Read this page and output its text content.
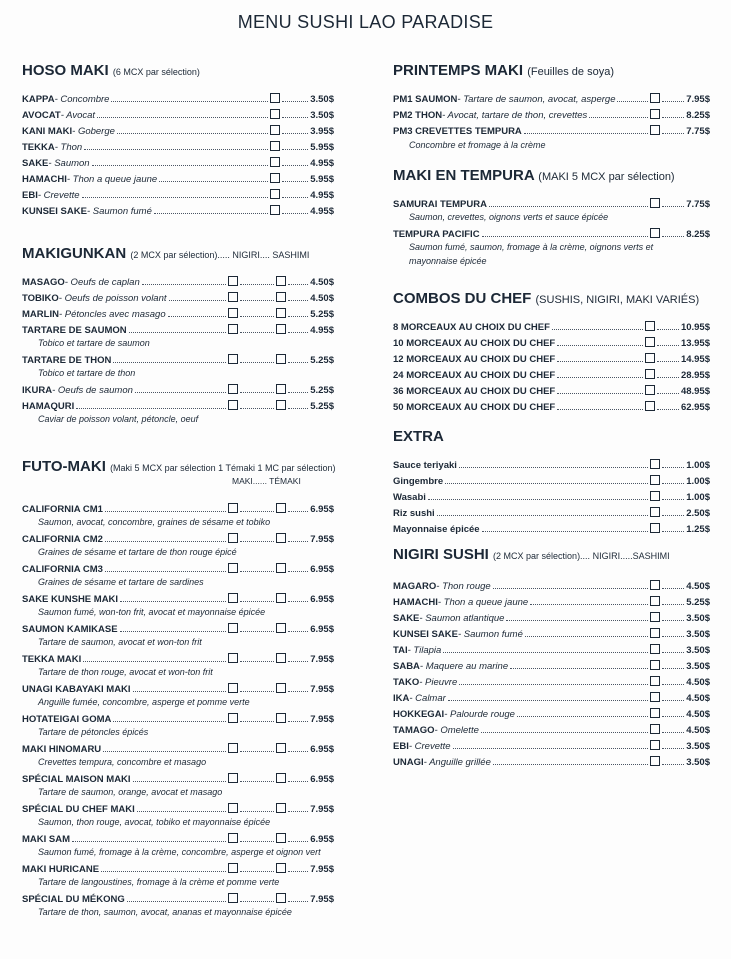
MENU SUSHI LAO PARADISE
HOSO MAKI (6 MCX par sélection)
KAPPA - Concombre	3.50$
AVOCAT - Avocat	3.50$
KANI MAKI - Goberge	3.95$
TEKKA - Thon	5.95$
SAKE - Saumon	4.95$
HAMACHI - Thon a queue jaune	5.95$
EBI - Crevette	4.95$
KUNSEI SAKE - Saumon fumé	4.95$
MAKIGUNKAN (2 MCX par sélection)..... NIGIRI.... SASHIMI
MASAGO - Oeufs de caplan	4.50$
TOBIKO - Oeufs de poisson volant	4.50$
MARLIN - Pétoncles avec masago	5.25$
TARTARE DE SAUMON	4.95$
Tobico et tartare de saumon
TARTARE DE THON	5.25$
Tobico et tartare de thon
IKURA - Oeufs de saumon	5.25$
HAMAQURI	5.25$
Caviar de poisson volant, pétoncle, oeuf
FUTO-MAKI (Maki 5 MCX par sélection 1 Témaki 1 MC par sélection)
MAKI...... TÉMAKI
CALIFORNIA CM1	6.95$
Saumon, avocat, concombre, graines de sésame et tobiko
CALIFORNIA CM2	7.95$
Graines de sésame et tartare de thon rouge épicé
CALIFORNIA CM3	6.95$
Graines de sésame et tartare de sardines
SAKE KUNSHE MAKI	6.95$
Saumon fumé, won-ton frit, avocat et mayonnaise épicée
SAUMON KAMIKASE	6.95$
Tartare de saumon, avocat et won-ton frit
TEKKA MAKI	7.95$
Tartare de thon rouge, avocat et won-ton frit
UNAGI KABAYAKI MAKI	7.95$
Anguille fumée, concombre, asperge et pomme verte
HOTATEIGAI GOMA	7.95$
Tartare de pétoncles épicés
MAKI HINOMARU	6.95$
Crevettes tempura, concombre et masago
SPÉCIAL MAISON MAKI	6.95$
Tartare de saumon, orange, avocat et masago
SPÉCIAL DU CHEF MAKI	7.95$
Saumon, thon rouge, avocat, tobiko et mayonnaise épicée
MAKI SAM	6.95$
Saumon fumé, fromage à la crème, concombre, asperge et oignon vert
MAKI HURICANE	7.95$
Tartare de langoustines, fromage à la crème et pomme verte
SPÉCIAL DU MÉKONG	7.95$
Tartare de thon, saumon, avocat, ananas et mayonnaise épicée
PRINTEMPS MAKI (Feuilles de soya)
PM1 SAUMON - Tartare de saumon, avocat, asperge	7.95$
PM2 THON - Avocat, tartare de thon, crevettes	8.25$
PM3 CREVETTES TEMPURA	7.75$
Concombre et fromage à la crème
MAKI EN TEMPURA (MAKI 5 MCX par sélection)
SAMURAI TEMPURA	7.75$
Saumon, crevettes, oignons verts et sauce épicée
TEMPURA PACIFIC	8.25$
Saumon fumé, saumon, fromage à la crème, oignons verts et
mayonnaise épicée
COMBOS DU CHEF (SUSHIS, NIGIRI, MAKI VARIÉS)
8 MORCEAUX AU CHOIX DU CHEF	10.95$
10 MORCEAUX AU CHOIX DU CHEF	13.95$
12 MORCEAUX AU CHOIX DU CHEF	14.95$
24 MORCEAUX AU CHOIX DU CHEF	28.95$
36 MORCEAUX AU CHOIX DU CHEF	48.95$
50 MORCEAUX AU CHOIX DU CHEF	62.95$
EXTRA
Sauce teriyaki	1.00$
Gingembre	1.00$
Wasabi	1.00$
Riz sushi	2.50$
Mayonnaise épicée	1.25$
NIGIRI SUSHI (2 MCX par sélection).... NIGIRI.....SASHIMI
MAGARO - Thon rouge	4.50$
HAMACHI - Thon a queue jaune	5.25$
SAKE - Saumon atlantique	3.50$
KUNSEI SAKE - Saumon fumé	3.50$
TAI - Tilapia	3.50$
SABA - Maquere au marine	3.50$
TAKO - Pieuvre	4.50$
IKA - Calmar	4.50$
HOKKEGAI - Palourde rouge	4.50$
TAMAGO - Omelette	4.50$
EBI - Crevette	3.50$
UNAGI - Anguille grillée	3.50$
